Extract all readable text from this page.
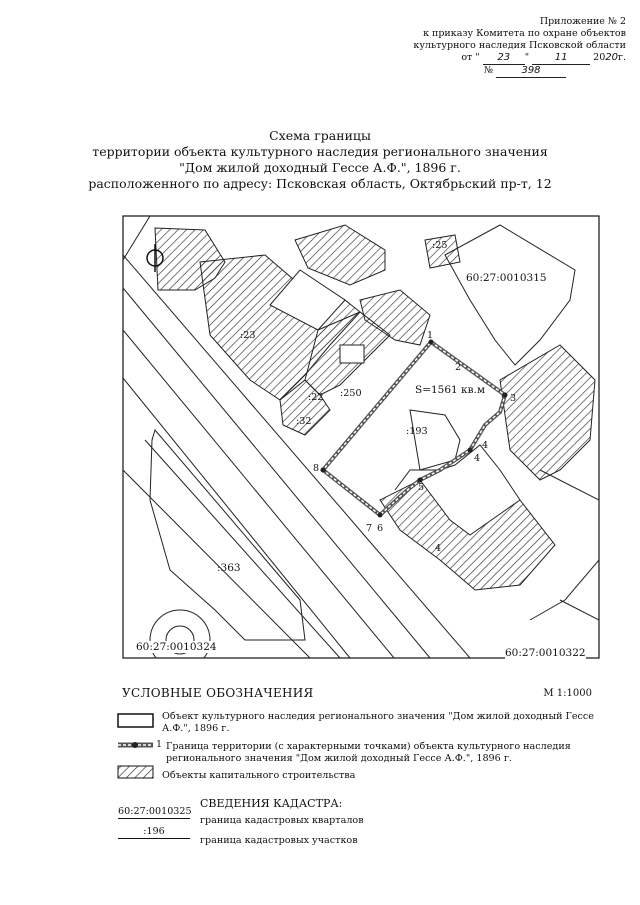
Приложение № 2
к приказу Комитета по охране объектов
культурного наследия Псковской области
от " 23 "	11	2020г.
№	398
Схема границы
территории объекта культурного наследия регионального значения
"Дом жилой доходный Гессе А.Ф.", 1896 г.
расположенного по адресу: Псковская область, Октябрьский пр-т, 12
60:27:0010315
60:27:0010324	60:27:0010322
:23
:25
:250
:22
:32
:193
:363
4
4
S=1561 кв.м
1
2
3
4
5
6
7
8
УСЛОВНЫЕ ОБОЗНАЧЕНИЯ	М 1:1000
Объект культурного наследия регионального значения "Дом жилой доходный Гессе
А.Ф.", 1896 г.
1 Граница территории (с характерными точками) объекта культурного наследия
регионального значения "Дом жилой доходный Гессе А.Ф.", 1896 г.
Объекты капитального строительства
СВЕДЕНИЯ КАДАСТРА:
60:27:0010325
граница кадастровых кварталов
:196
граница кадастровых участков
